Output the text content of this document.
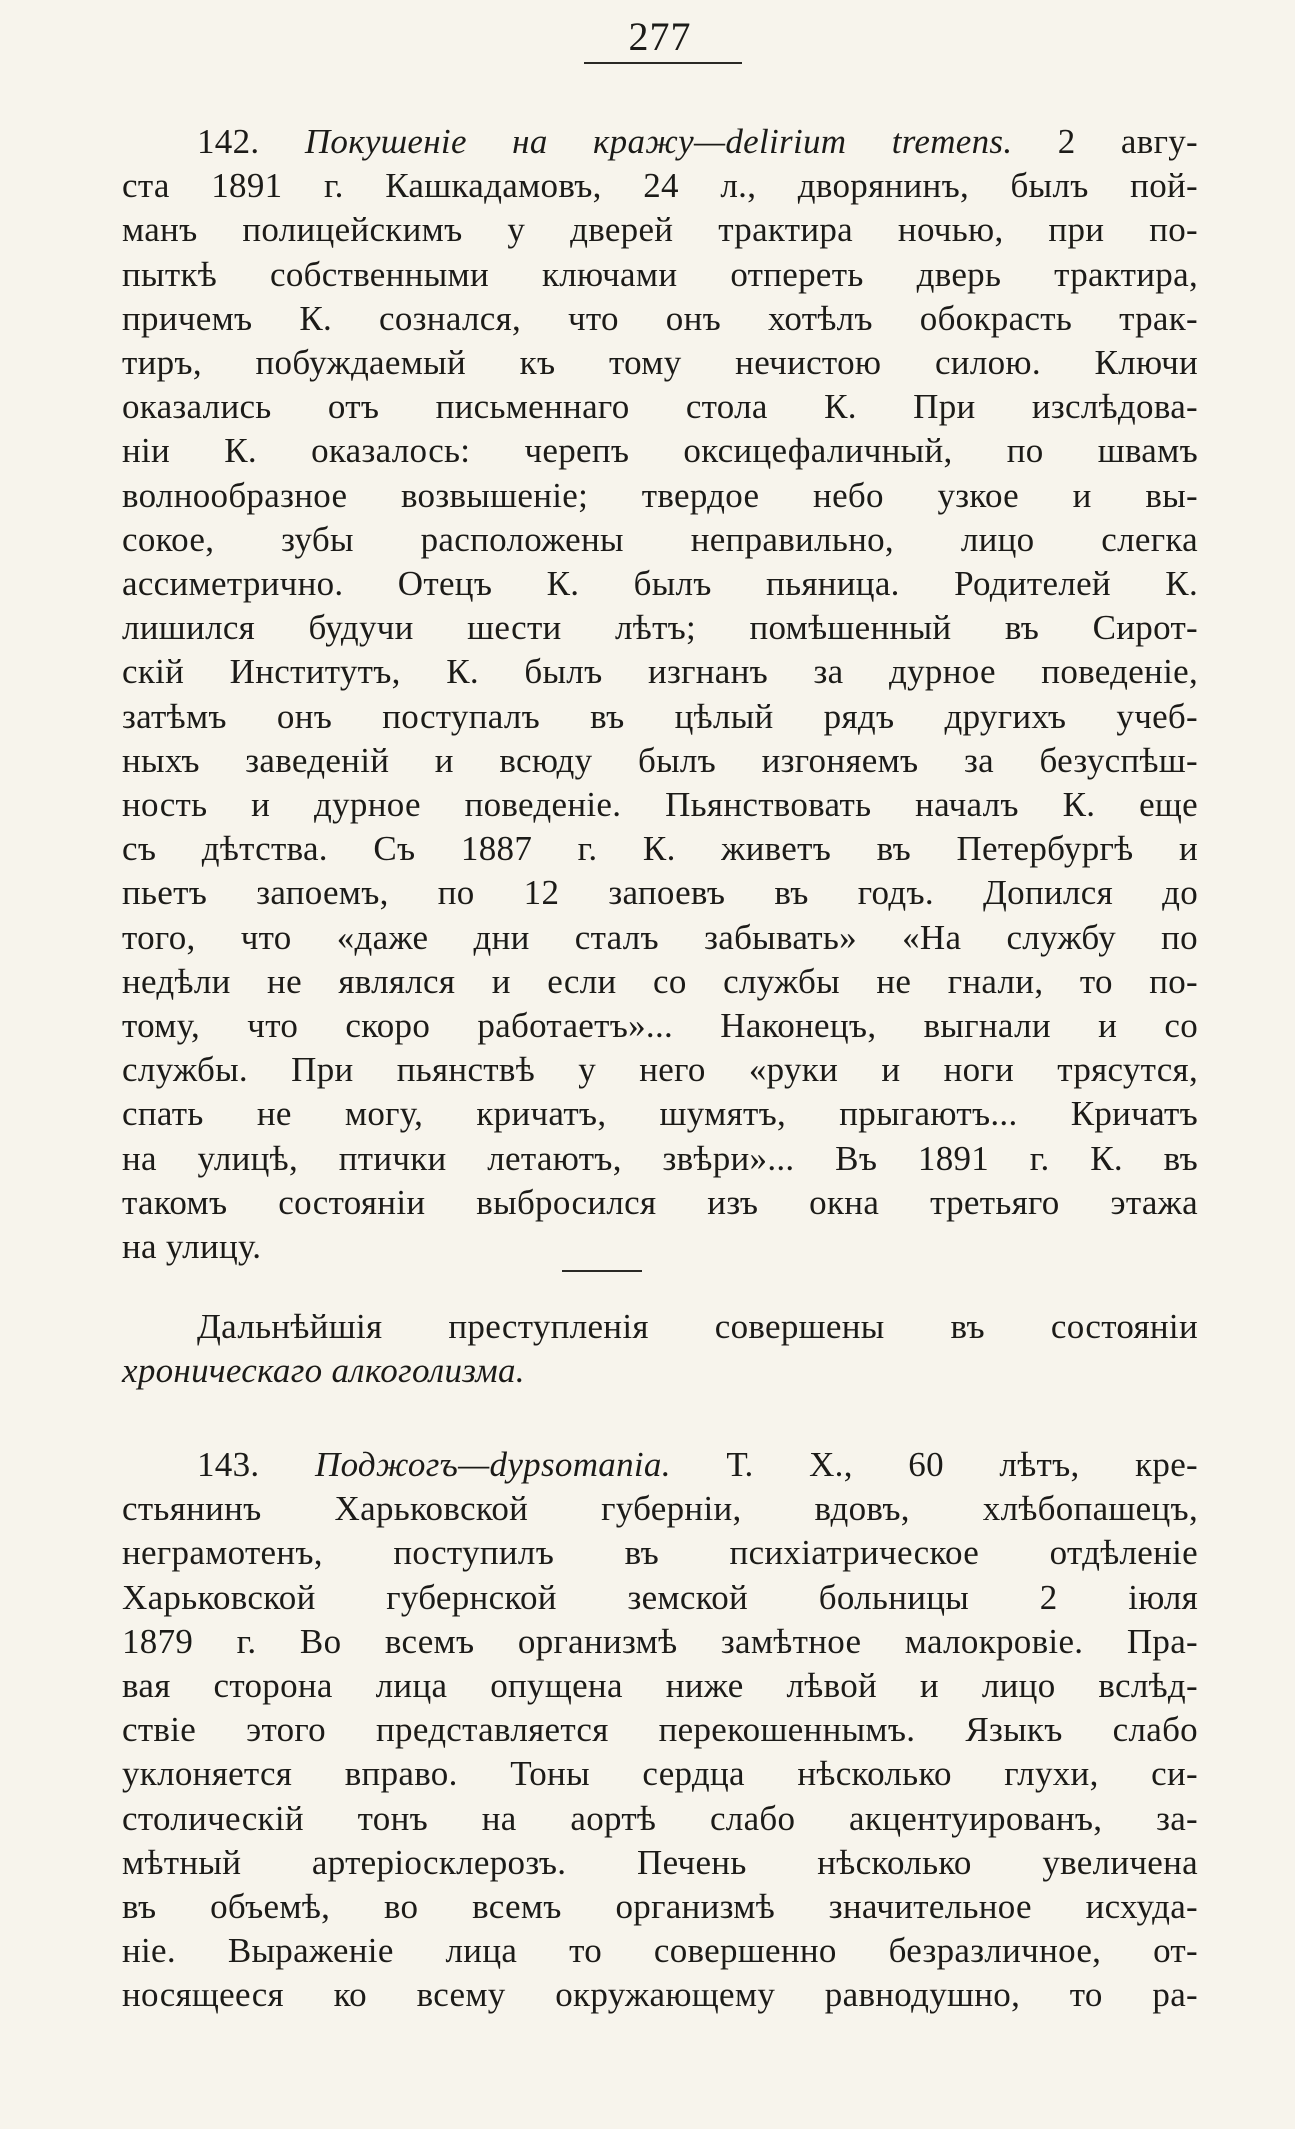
277
142. Покушеніе на кражу—delirium tremens. 2 авгу-
ста 1891 г. Кашкадамовъ, 24 л., дворянинъ, былъ пой-
манъ полицейскимъ у дверей трактира ночью, при по-
пыткѣ собственными ключами отпереть дверь трактира,
причемъ К. сознался, что онъ хотѣлъ обокрасть трак-
тиръ, побуждаемый къ тому нечистою силою. Ключи
оказались отъ письменнаго стола К. При изслѣдова-
ніи К. оказалось: черепъ оксицефаличный, по швамъ
волнообразное возвышеніе; твердое небо узкое и вы-
сокое, зубы расположены неправильно, лицо слегка
ассиметрично. Отецъ К. былъ пьяница. Родителей К.
лишился будучи шести лѣтъ; помѣшенный въ Сирот-
скій Институтъ, К. былъ изгнанъ за дурное поведеніе,
затѣмъ онъ поступалъ въ цѣлый рядъ другихъ учеб-
ныхъ заведеній и всюду былъ изгоняемъ за безуспѣш-
ность и дурное поведеніе. Пьянствовать началъ К. еще
съ дѣтства. Съ 1887 г. К. живетъ въ Петербургѣ и
пьетъ запоемъ, по 12 запоевъ въ годъ. Допился до
того, что «даже дни сталъ забывать» «На службу по
недѣли не являлся и если со службы не гнали, то по-
тому, что скоро работаетъ»... Наконецъ, выгнали и со
службы. При пьянствѣ у него «руки и ноги трясутся,
спать не могу, кричатъ, шумятъ, прыгаютъ... Кричатъ
на улицѣ, птички летаютъ, звѣри»... Въ 1891 г. К. въ
такомъ состояніи выбросился изъ окна третьяго этажа
на улицу.
Дальнѣйшія преступленія совершены въ состояніи
хроническаго алкоголизма.
143. Поджогъ—dypsomania. Т. Х., 60 лѣтъ, кре-
стьянинъ Харьковской губерніи, вдовъ, хлѣбопашецъ,
неграмотенъ, поступилъ въ психіатрическое отдѣленіе
Харьковской губернской земской больницы 2 іюля
1879 г. Во всемъ организмѣ замѣтное малокровіе. Пра-
вая сторона лица опущена ниже лѣвой и лицо вслѣд-
ствіе этого представляется перекошеннымъ. Языкъ слабо
уклоняется вправо. Тоны сердца нѣсколько глухи, си-
столическій тонъ на аортѣ слабо акцентуированъ, за-
мѣтный артеріосклерозъ. Печень нѣсколько увеличена
въ объемѣ, во всемъ организмѣ значительное исхуда-
ніе. Выраженіе лица то совершенно безразличное, от-
носящееся ко всему окружающему равнодушно, то ра-
